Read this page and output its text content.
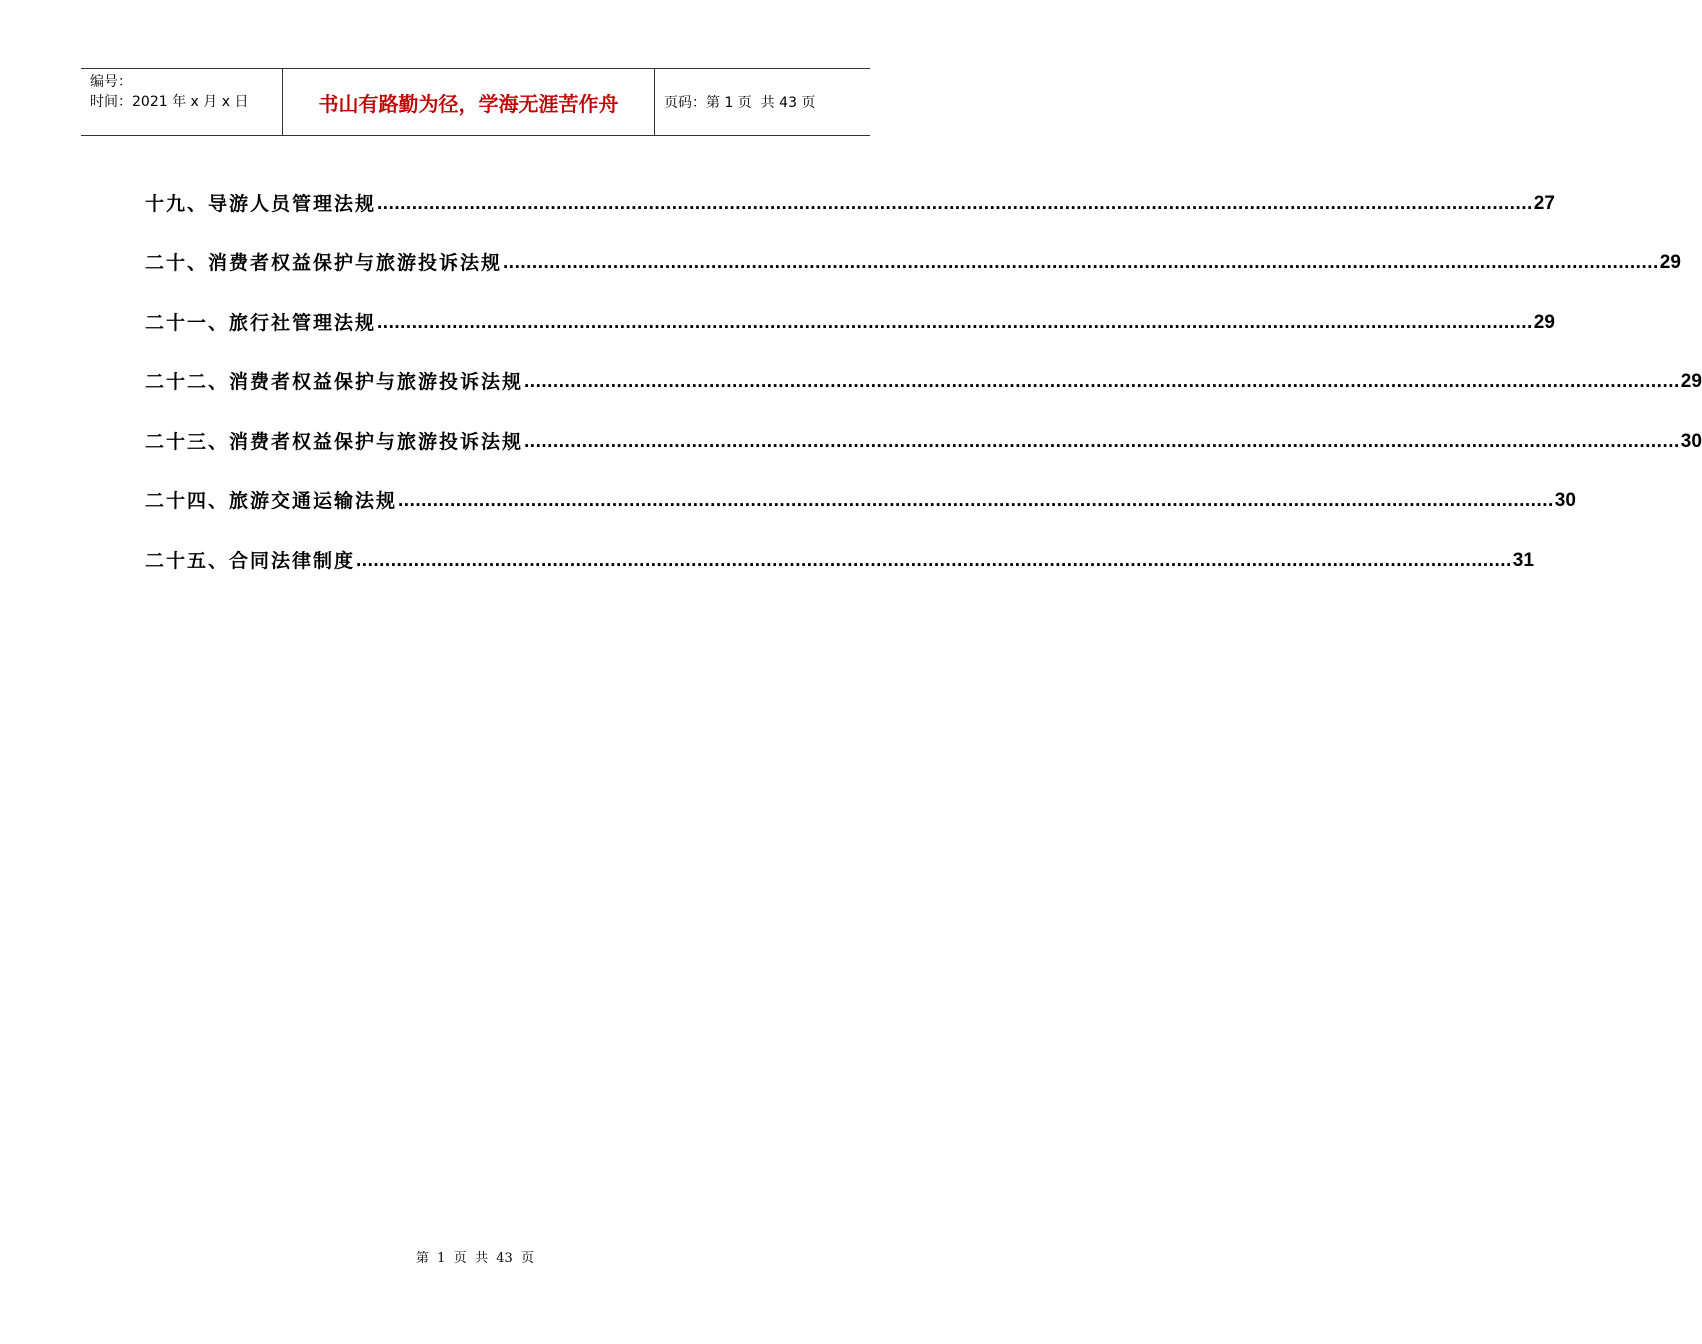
编号：
时间：2021 年 x 月 x 日	书山有路勤为径，学海无涯苦作舟	页码：第 1 页  共 43 页
十九、导游人员管理法规 ........................................................................................................................................................................................................ 27
二十、消费者权益保护与旅游投诉法规 ........................................................................................................................................................................................................ 29
二十一、旅行社管理法规 ........................................................................................................................................................................................................ 29
二十二、消费者权益保护与旅游投诉法规 ........................................................................................................................................................................................................ 29
二十三、消费者权益保护与旅游投诉法规 ........................................................................................................................................................................................................ 30
二十四、旅游交通运输法规 ........................................................................................................................................................................................................ 30
二十五、合同法律制度 ........................................................................................................................................................................................................ 31
第  1  页  共  43  页
